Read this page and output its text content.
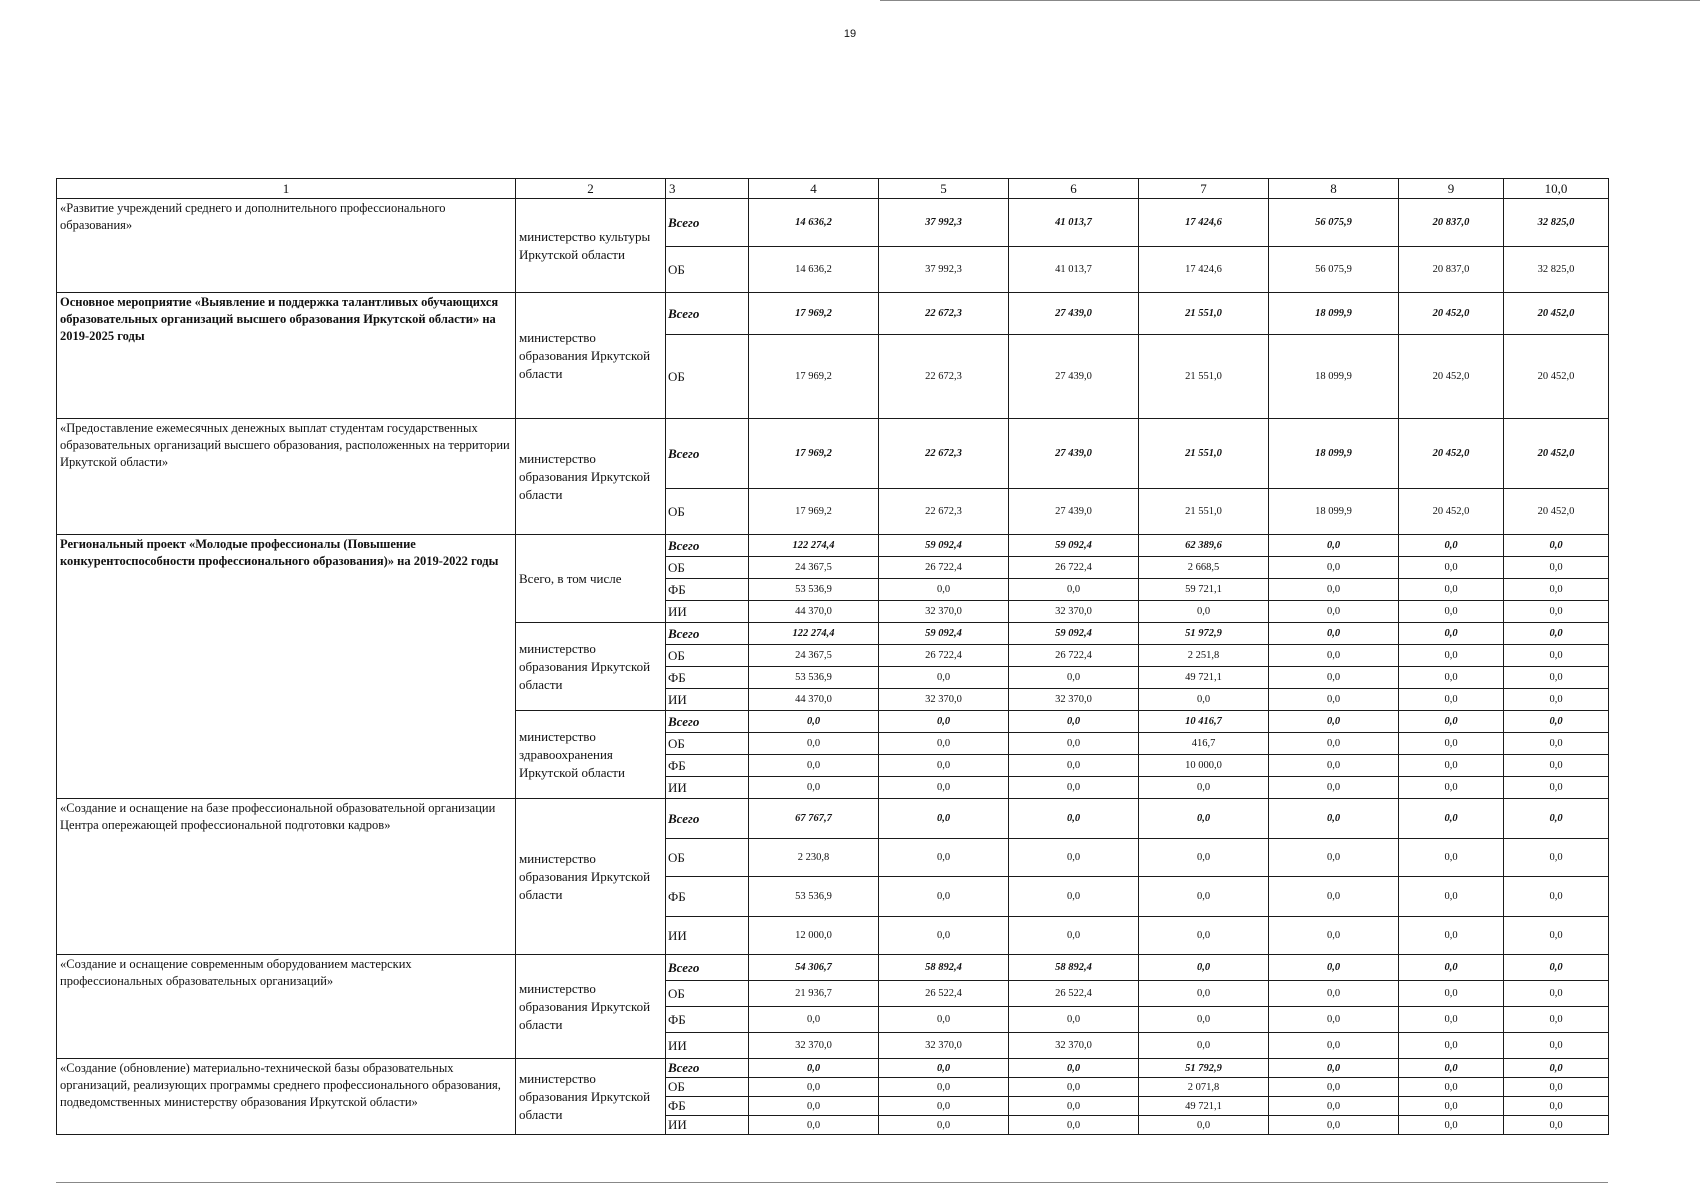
19
1	2	3	4	5	6	7	8	9	10,0
«Развитие учреждений среднего и дополнительного профессионального образования»	министерство культуры Иркутской области	Всего	14 636,2	37 992,3	41 013,7	17 424,6	56 075,9	20 837,0	32 825,0
		ОБ	14 636,2	37 992,3	41 013,7	17 424,6	56 075,9	20 837,0	32 825,0
Основное мероприятие «Выявление и поддержка талантливых обучающихся образовательных организаций высшего образования Иркутской области» на 2019-2025 годы	министерство образования Иркутской области	Всего	17 969,2	22 672,3	27 439,0	21 551,0	18 099,9	20 452,0	20 452,0
		ОБ	17 969,2	22 672,3	27 439,0	21 551,0	18 099,9	20 452,0	20 452,0
«Предоставление ежемесячных денежных выплат студентам государственных образовательных организаций высшего образования, расположенных на территории Иркутской области»	министерство образования Иркутской области	Всего	17 969,2	22 672,3	27 439,0	21 551,0	18 099,9	20 452,0	20 452,0
		ОБ	17 969,2	22 672,3	27 439,0	21 551,0	18 099,9	20 452,0	20 452,0
Региональный проект «Молодые профессионалы (Повышение конкурентоспособности профессионального образования)» на 2019-2022 годы	Всего, в том числе	Всего	122 274,4	59 092,4	59 092,4	62 389,6	0,0	0,0	0,0
		ОБ	24 367,5	26 722,4	26 722,4	2 668,5	0,0	0,0	0,0
		ФБ	53 536,9	0,0	0,0	59 721,1	0,0	0,0	0,0
		ИИ	44 370,0	32 370,0	32 370,0	0,0	0,0	0,0	0,0
	министерство образования Иркутской области	Всего	122 274,4	59 092,4	59 092,4	51 972,9	0,0	0,0	0,0
		ОБ	24 367,5	26 722,4	26 722,4	2 251,8	0,0	0,0	0,0
		ФБ	53 536,9	0,0	0,0	49 721,1	0,0	0,0	0,0
		ИИ	44 370,0	32 370,0	32 370,0	0,0	0,0	0,0	0,0
	министерство здравоохранения Иркутской области	Всего	0,0	0,0	0,0	10 416,7	0,0	0,0	0,0
		ОБ	0,0	0,0	0,0	416,7	0,0	0,0	0,0
		ФБ	0,0	0,0	0,0	10 000,0	0,0	0,0	0,0
		ИИ	0,0	0,0	0,0	0,0	0,0	0,0	0,0
«Создание и оснащение на базе профессиональной образовательной организации Центра опережающей профессиональной подготовки кадров»	министерство образования Иркутской области	Всего	67 767,7	0,0	0,0	0,0	0,0	0,0	0,0
		ОБ	2 230,8	0,0	0,0	0,0	0,0	0,0	0,0
		ФБ	53 536,9	0,0	0,0	0,0	0,0	0,0	0,0
		ИИ	12 000,0	0,0	0,0	0,0	0,0	0,0	0,0
«Создание и оснащение современным оборудованием мастерских профессиональных образовательных организаций»	министерство образования Иркутской области	Всего	54 306,7	58 892,4	58 892,4	0,0	0,0	0,0	0,0
		ОБ	21 936,7	26 522,4	26 522,4	0,0	0,0	0,0	0,0
		ФБ	0,0	0,0	0,0	0,0	0,0	0,0	0,0
		ИИ	32 370,0	32 370,0	32 370,0	0,0	0,0	0,0	0,0
«Создание (обновление) материально-технической базы образовательных организаций, реализующих программы среднего профессионального образования, подведомственных министерству образования Иркутской области»	министерство образования Иркутской области	Всего	0,0	0,0	0,0	51 792,9	0,0	0,0	0,0
		ОБ	0,0	0,0	0,0	2 071,8	0,0	0,0	0,0
		ФБ	0,0	0,0	0,0	49 721,1	0,0	0,0	0,0
		ИИ	0,0	0,0	0,0	0,0	0,0	0,0	0,0
